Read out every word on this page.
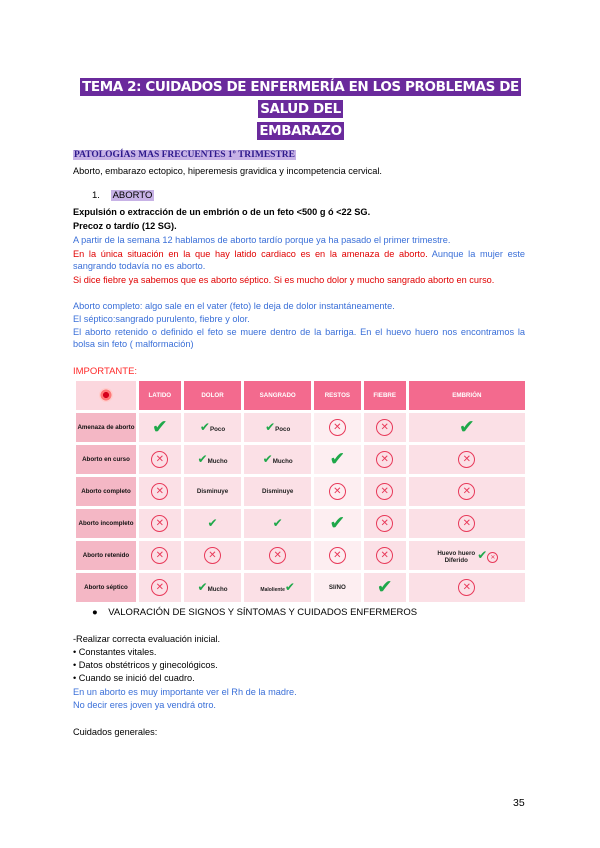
TEMA 2: CUIDADOS DE ENFERMERÍA EN LOS PROBLEMAS DE SALUD DEL
EMBARAZO
PATOLOGÍAS MAS FRECUENTES 1º TRIMESTRE
Aborto, embarazo ectopico, hiperemesis gravidica y incompetencia cervical.
1. ABORTO
Expulsión o extracción de un embrión o de un feto <500 g ó <22 SG.
Precoz o tardío (12 SG).
A partir de la semana 12 hablamos de aborto tardío porque ya ha pasado el primer trimestre.
En la única situación en la que hay latido cardiaco es en la amenaza de aborto. Aunque la mujer este sangrando todavía no es aborto.
Si dice fiebre ya sabemos que es aborto séptico. Si es mucho dolor y mucho sangrado aborto en curso.
Aborto completo: algo sale en el vater (feto) le deja de dolor instantáneamente.
El séptico:sangrado purulento, fiebre y olor.
El aborto retenido o definido el feto se muere dentro de la barriga. En el huevo huero nos encontramos la bolsa sin feto ( malformación)
IMPORTANTE:
	LATIDO	DOLOR	SANGRADO	RESTOS	FIEBRE	EMBRIÓN
Amenaza de aborto	✔	✔Poco	✔Poco	✕	✕	✔
Aborto en curso	✕	✔Mucho	✔Mucho	✔	✕	✕
Aborto completo	✕	Disminuye	Disminuye	✕	✕	✕
Aborto incompleto	✕	✔	✔	✔	✕	✕
Aborto retenido	✕	✕	✕	✕	✕	Huevo huero Diferido ✔ ✕
Aborto séptico	✕	✔Mucho	Maloliente✔	SI/NO	✔	✕
●    VALORACIÓN DE SIGNOS Y SÍNTOMAS Y CUIDADOS ENFERMEROS
-Realizar correcta evaluación inicial.
• Constantes vitales.
• Datos obstétricos y ginecológicos.
• Cuando se inició del cuadro.
En un aborto es muy importante ver el Rh de la madre.
No decir eres joven ya vendrá otro.
Cuidados generales:
35
